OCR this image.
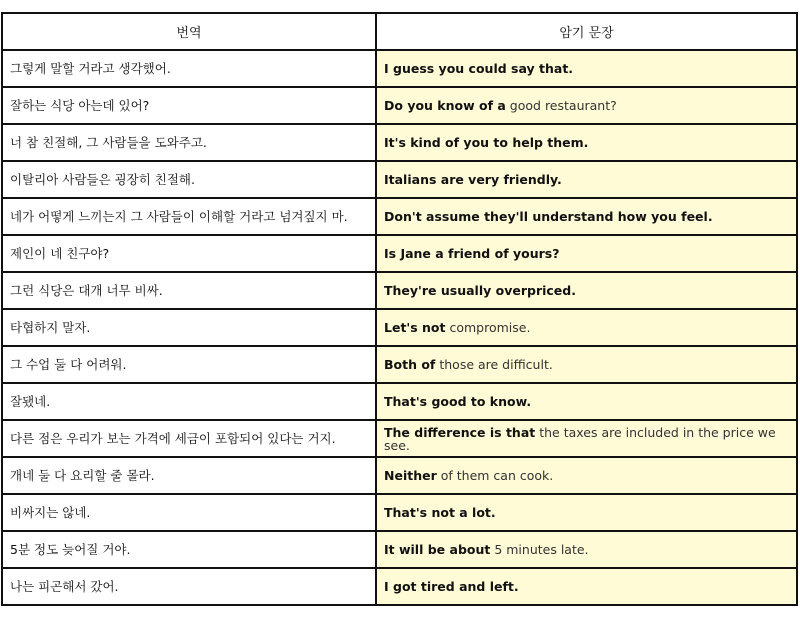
번역	암기 문장
그렇게 말할 거라고 생각했어.	I guess you could say that.
잘하는 식당 아는데 있어?	Do you know of a good restaurant?
너 참 친절해, 그 사람들을 도와주고.	It's kind of you to help them.
이탈리아 사람들은 굉장히 친절해.	Italians are very friendly.
네가 어떻게 느끼는지 그 사람들이 이해할 거라고 넘겨짚지 마.	Don't assume they'll understand how you feel.
제인이 네 친구야?	Is Jane a friend of yours?
그런 식당은 대개 너무 비싸.	They're usually overpriced.
타협하지 말자.	Let's not compromise.
그 수업 둘 다 어려워.	Both of those are difficult.
잘됐네.	That's good to know.
다른 점은 우리가 보는 가격에 세금이 포함되어 있다는 거지.	The difference is that the taxes are included in the price we see.
개네 둘 다 요리할 줄 몰라.	Neither of them can cook.
비싸지는 않네.	That's not a lot.
5분 정도 늦어질 거야.	It will be about 5 minutes late.
나는 피곤해서 갔어.	I got tired and left.
